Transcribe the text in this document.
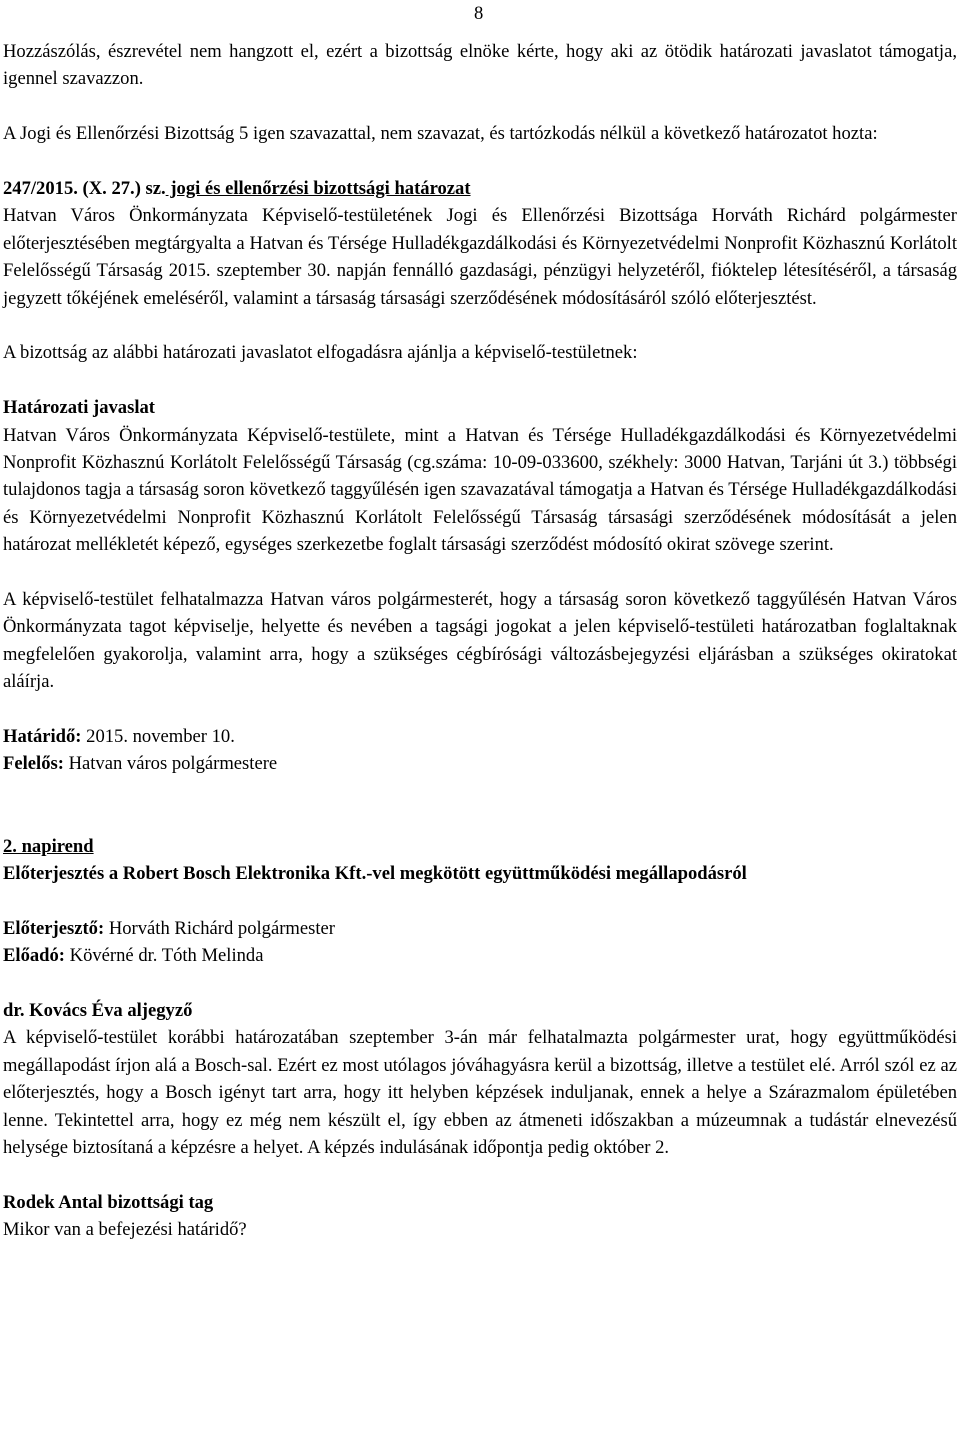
8

Hozzászólás, észrevétel nem hangzott el, ezért a bizottság elnöke kérte, hogy aki az ötödik határozati javaslatot támogatja, igennel szavazzon.

A Jogi és Ellenőrzési Bizottság 5 igen szavazattal, nem szavazat, és tartózkodás nélkül a következő határozatot hozta:

247/2015. (X. 27.) sz. jogi és ellenőrzési bizottsági határozat

Hatvan Város Önkormányzata Képviselő-testületének Jogi és Ellenőrzési Bizottsága Horváth Richárd polgármester előterjesztésében megtárgyalta a Hatvan és Térsége Hulladékgazdálkodási és Környezetvédelmi Nonprofit Közhasznú Korlátolt Felelősségű Társaság 2015. szeptember 30. napján fennálló gazdasági, pénzügyi helyzetéről, fióktelep létesítéséről, a társaság jegyzett tőkéjének emeléséről, valamint a társaság társasági szerződésének módosításáról szóló előterjesztést.

A bizottság az alábbi határozati javaslatot elfogadásra ajánlja a képviselő-testületnek:

Határozati javaslat

Hatvan Város Önkormányzata Képviselő-testülete, mint a Hatvan és Térsége Hulladékgazdálkodási és Környezetvédelmi Nonprofit Közhasznú Korlátolt Felelősségű Társaság (cg.száma: 10-09-033600, székhely: 3000 Hatvan, Tarjáni út 3.) többségi tulajdonos tagja a társaság soron következő taggyűlésén igen szavazatával támogatja a Hatvan és Térsége Hulladékgazdálkodási és Környezetvédelmi Nonprofit Közhasznú Korlátolt Felelősségű Társaság társasági szerződésének módosítását a jelen határozat mellékletét képező, egységes szerkezetbe foglalt társasági szerződést módosító okirat szövege szerint.

A képviselő-testület felhatalmazza Hatvan város polgármesterét, hogy a társaság soron következő taggyűlésén Hatvan Város Önkormányzata tagot képviselje, helyette és nevében a tagsági jogokat a jelen képviselő-testületi határozatban foglaltaknak megfelelően gyakorolja, valamint arra, hogy a szükséges cégbírósági változásbejegyzési eljárásban a szükséges okiratokat aláírja.

Határidő: 2015. november 10.

Felelős: Hatvan város polgármestere

2. napirend

Előterjesztés a Robert Bosch Elektronika Kft.-vel megkötött együttműködési megállapodásról

Előterjesztő: Horváth Richárd polgármester

Előadó: Kövérné dr. Tóth Melinda

dr. Kovács Éva aljegyző

A képviselő-testület korábbi határozatában szeptember 3-án már felhatalmazta polgármester urat, hogy együttműködési megállapodást írjon alá a Bosch-sal. Ezért ez most utólagos jóváhagyásra kerül a bizottság, illetve a testület elé. Arról szól ez az előterjesztés, hogy a Bosch igényt tart arra, hogy itt helyben képzések induljanak, ennek a helye a Szárazmalom épületében lenne. Tekintettel arra, hogy ez még nem készült el, így ebben az átmeneti időszakban a múzeumnak a tudástár elnevezésű helysége biztosítaná a képzésre a helyet. A képzés indulásának időpontja pedig október 2.

Rodek Antal bizottsági tag

Mikor van a befejezési határidő?
